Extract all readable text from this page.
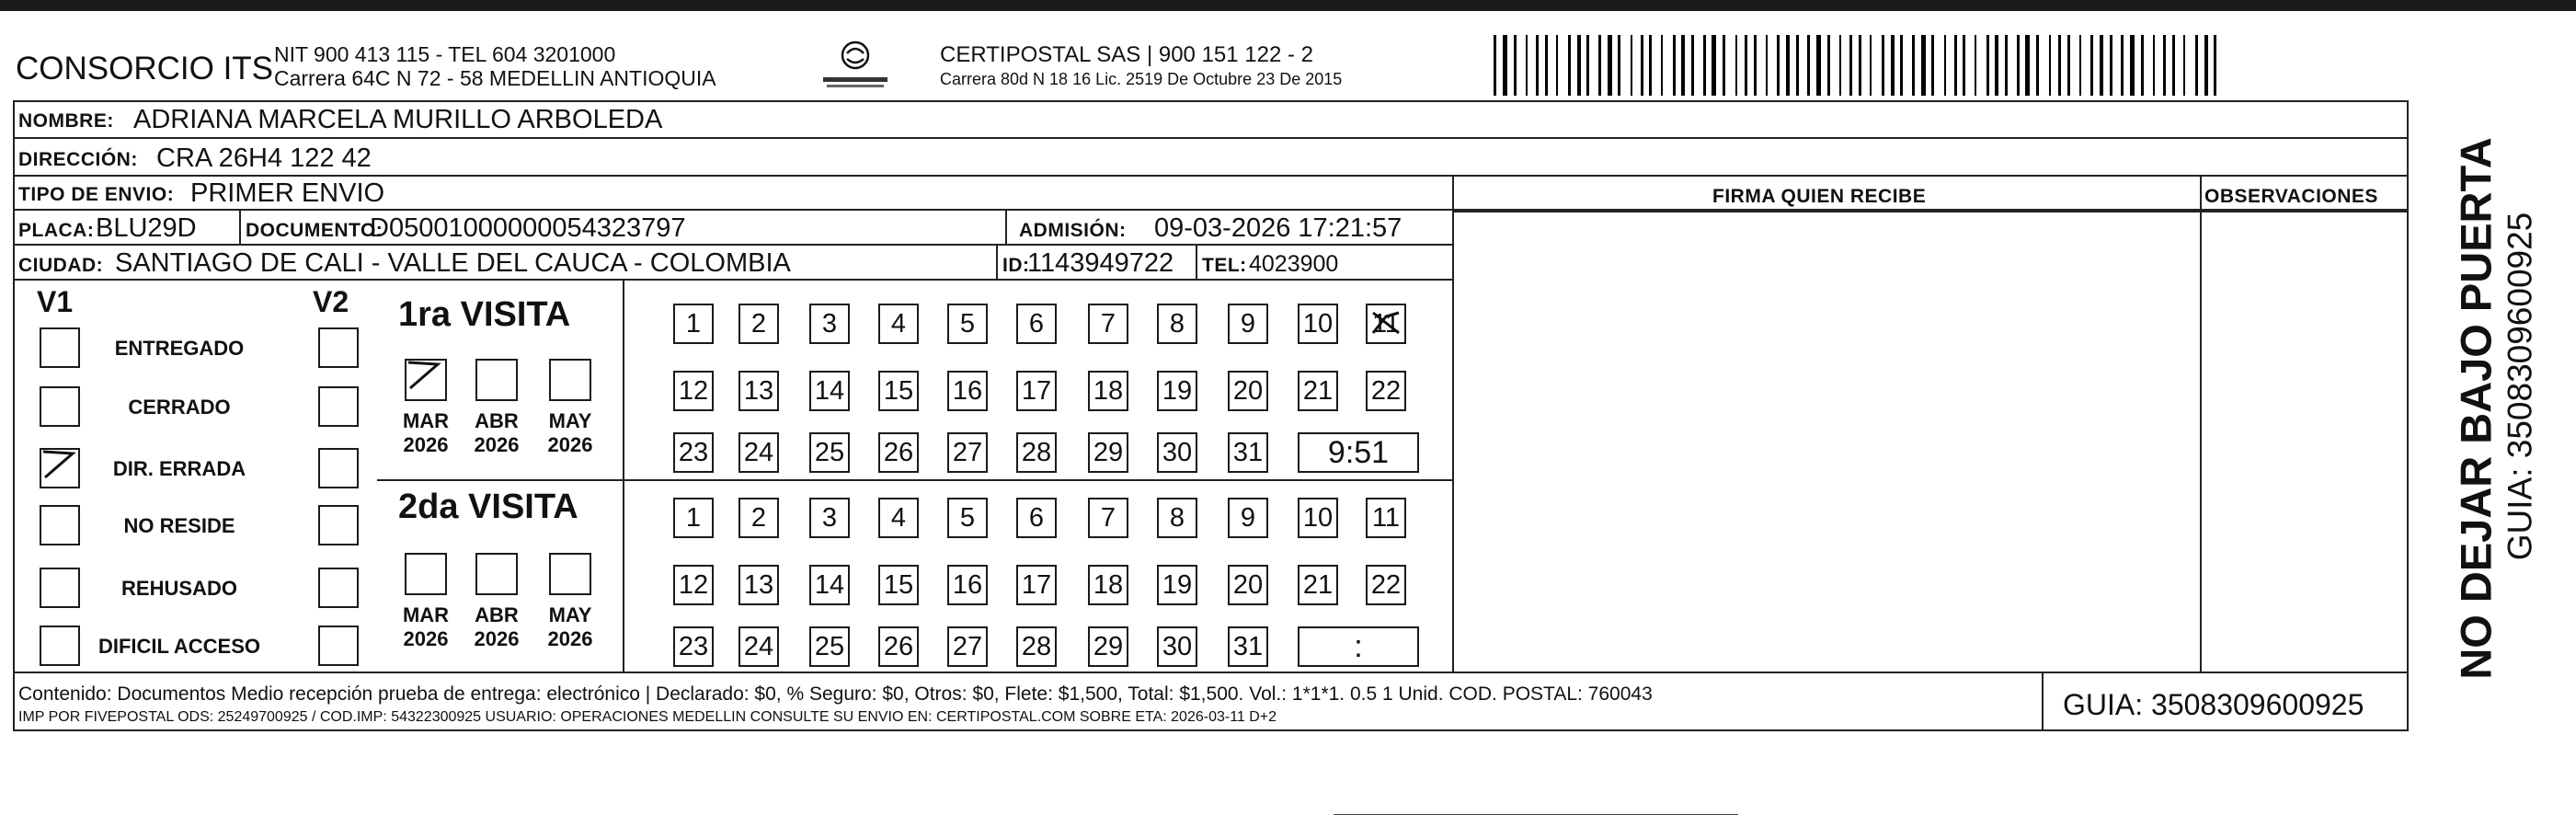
CONSORCIO ITS NIT 900 413 115 - TEL 604 3201000
Carrera 64C N 72 - 58 MEDELLIN ANTIOQUIA
CERTIPOSTAL SAS | 900 151 122 - 2
Carrera 80d N 18 16 Lic. 2519 De Octubre 23 De 2015
NOMBRE: ADRIANA MARCELA MURILLO ARBOLEDA
DIRECCIÓN: CRA 26H4 122 42
TIPO DE ENVIO: PRIMER ENVIO
PLACA: BLU29D	DOCUMENTO:
D05001000000054323797	ADMISIÓN: 09-03-2026 17:21:57
CIUDAD: SANTIAGO DE CALI - VALLE DEL CAUCA - COLOMBIA	ID:
1143949722 TEL: 4023900
FIRMA QUIEN RECIBE	OBSERVACIONES
V1	V2 1ra VISITA
2da VISITA
Contenido: Documentos Medio recepción prueba de entrega: electrónico | Declarado: $0, % Seguro: $0, Otros: $0, Flete: $1,500, Total: $1,500. Vol.: 1*1*1. 0.5 1 Unid. COD. POSTAL: 760043
IMP POR FIVEPOSTAL ODS: 25249700925 / COD.IMP: 54322300925 USUARIO: OPERACIONES MEDELLIN CONSULTE SU ENVIO EN: CERTIPOSTAL.COM SOBRE ETA: 2026-03-11 D+2	GUIA: 3508309600925
NO DEJAR BAJO PUERTA GUIA: 3508309600925
ENTREGADO
CERRADO
DIR. ERRADA
NO RESIDE
REHUSADO
DIFICIL ACCESO
MAR
2026
ABR
2026
MAY
2026
MAR
2026
ABR
2026
MAY
2026
1	2	3	4	5	6	7	8	9	10 11
12 13 14 15 16 17 18 19 20 21 22
23 24 25 26 27 28 29 30 31	9:51
1	2	3	4	5	6	7	8	9	10 11
12 13 14 15 16 17 18 19 20 21 22
23 24 25 26 27 28 29 30 31	:
